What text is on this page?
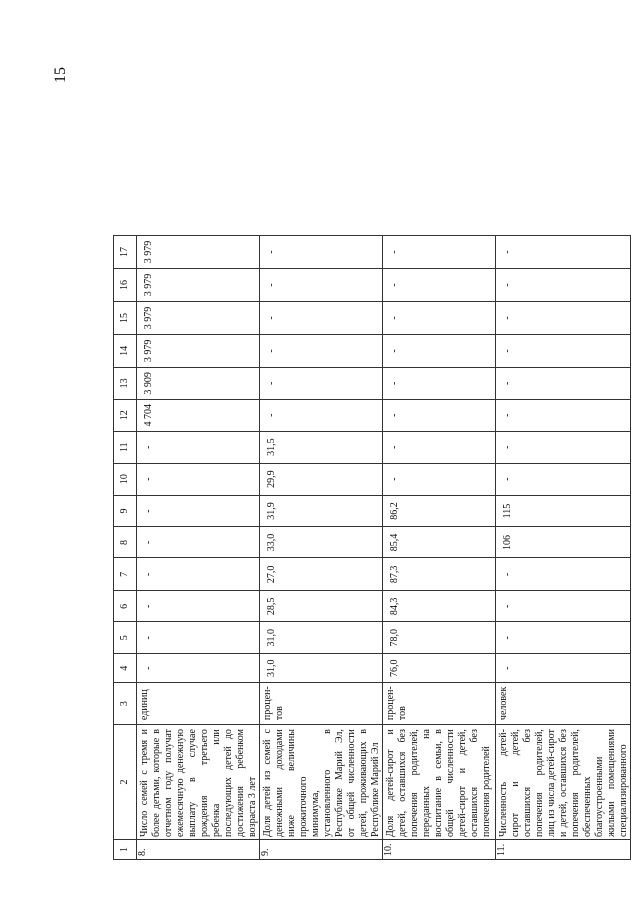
15
1	2	3	4	5	6	7	8	9	10	11	12	13	14	15	16	17
8.	Число семей с тремя и более детьми, которые в отчетном году получат ежемесячную денежную выплату в случае рождения третьего ребенка или последующих детей до достижения ребенком возраста 3 лет	единиц	-	-	-	-	-	-	-	-	4 704	3 909	3 979	3 979	3 979	3 979
9.	Доля детей из семей с денежными доходами ниже величины прожиточного минимума, установленного в Республике Марий Эл, от общей численности детей, проживающих в Республике Марий Эл	процен-тов	31,0	31,0	28,5	27,0	33,0	31,9	29,9	31,5	-	-	-	-	-	-
10.	Доля детей-сирот и детей, оставшихся без попечения родителей, переданных на воспитание в семьи, в общей численности детей-сирот и детей, оставшихся без попечения родителей	процен-тов	76,0	78,0	84,3	87,3	85,4	86,2	-	-	-	-	-	-	-	-
11.	Численность детей-сирот и детей, оставшихся без попечения родителей, лиц из числа детей-сирот и детей, оставшихся без попечения родителей, обеспеченных благоустроенными жилыми помещениями специализированного	человек	-	-	-	-	106	115	-	-	-	-	-	-	-	-
